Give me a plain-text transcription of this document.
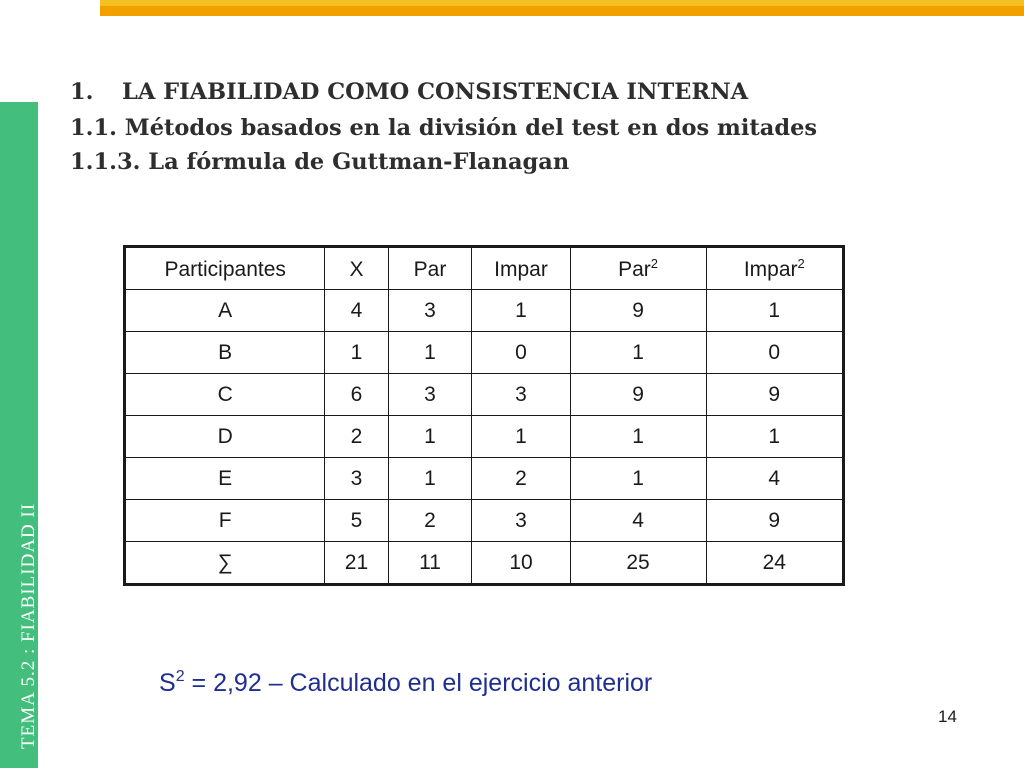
TEMA 5.2 : FIABILIDAD II
1. LA FIABILIDAD COMO CONSISTENCIA INTERNA
1.1. Métodos basados en la división del test en dos mitades
1.1.3. La fórmula de Guttman-Flanagan
Participantes	X	Par	Impar	Par$^2$	Impar$^2$
A	4	3	1	9	1
B	1	1	0	1	0
C	6	3	3	9	9
D	2	1	1	1	1
E	3	1	2	1	4
F	5	2	3	4	9
∑	21	11	10	25	24
$S^2 = 2,92$ – Calculado en el ejercicio anterior
14
